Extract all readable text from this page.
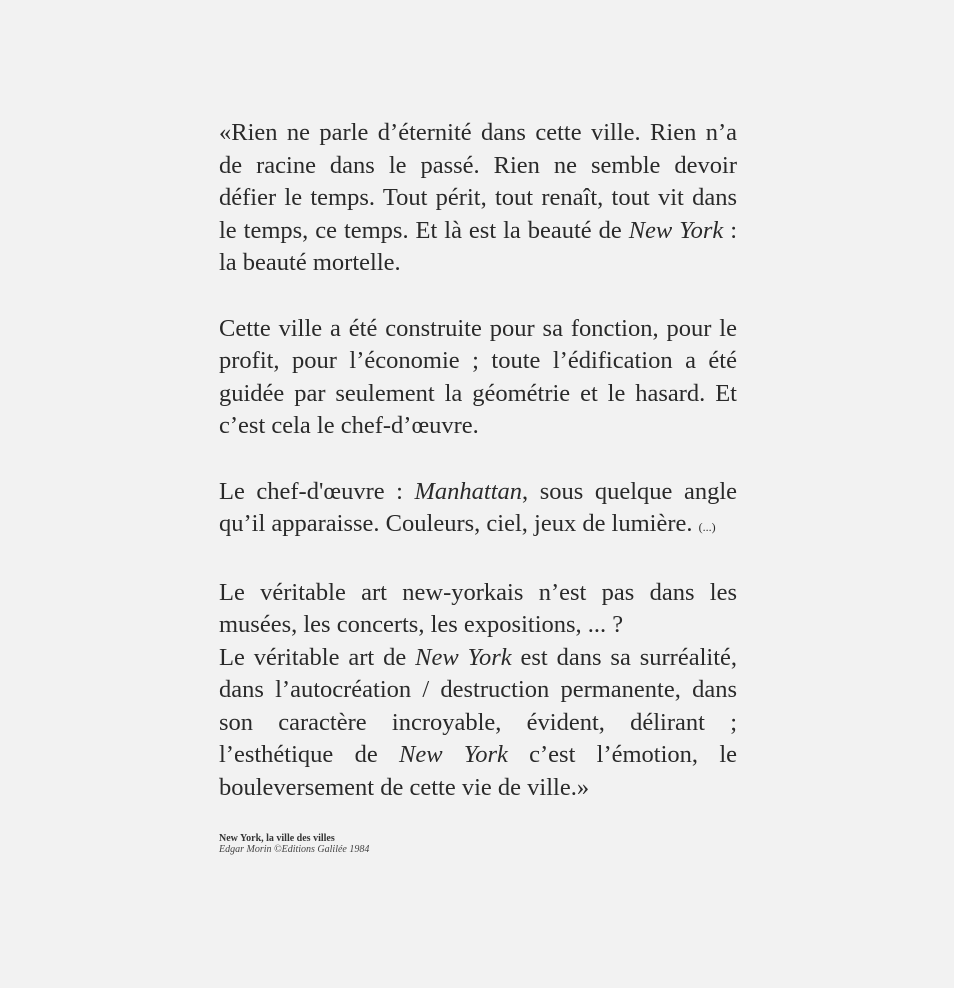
«Rien ne parle d’éternité dans cette ville. Rien n’a de racine dans le passé. Rien ne semble devoir défier le temps. Tout périt, tout renaît, tout vit dans le temps, ce temps. Et là est la beauté de New York : la beauté mortelle.

Cette ville a été construite pour sa fonction, pour le profit, pour l’économie ; toute l’édification a été guidée par seulement la géométrie et le hasard. Et c’est cela le chef-d’œuvre.

Le chef-d'œuvre : Manhattan, sous quelque angle qu’il apparaisse. Couleurs, ciel, jeux de lumière. (...)

Le véritable art new-yorkais n’est pas dans les musées, les concerts, les expositions, ... ?

Le véritable art de New York est dans sa surréalité, dans l’autocréation / destruction permanente, dans son caractère incroyable, évident, délirant ; l’esthétique de New York c’est l’émotion, le bouleversement de cette vie de ville.»

New York, la ville des villes
Edgar Morin ©Editions Galilée 1984
